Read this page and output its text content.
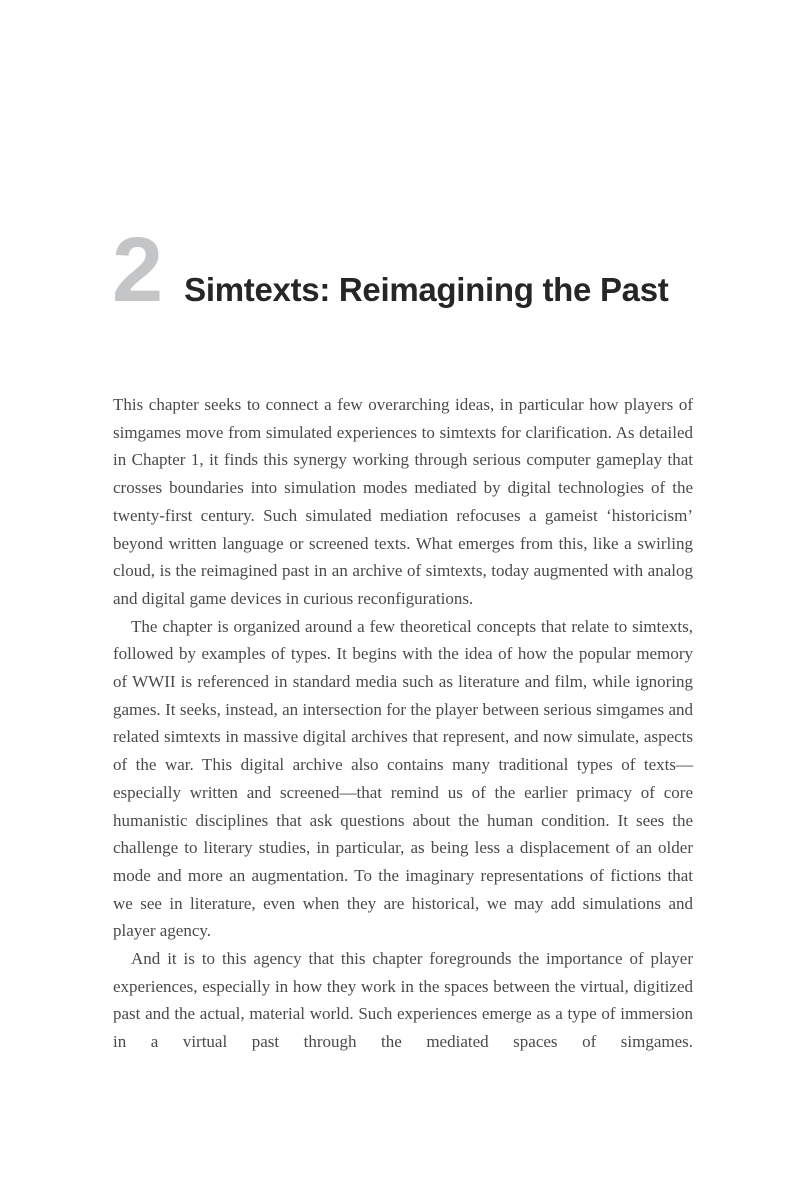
2 Simtexts: Reimagining the Past

This chapter seeks to connect a few overarching ideas, in particular how players of simgames move from simulated experiences to simtexts for clarification. As detailed in Chapter 1, it finds this synergy working through serious computer gameplay that crosses boundaries into simulation modes mediated by digital technologies of the twenty-first century. Such simulated mediation refocuses a gameist ‘historicism’ beyond written language or screened texts. What emerges from this, like a swirling cloud, is the reimagined past in an archive of simtexts, today augmented with analog and digital game devices in curious reconfigurations.

The chapter is organized around a few theoretical concepts that relate to simtexts, followed by examples of types. It begins with the idea of how the popular memory of WWII is referenced in standard media such as literature and film, while ignoring games. It seeks, instead, an intersection for the player between serious simgames and related simtexts in massive digital archives that represent, and now simulate, aspects of the war. This digital archive also contains many traditional types of texts—especially written and screened—that remind us of the earlier primacy of core humanistic disciplines that ask questions about the human condition. It sees the challenge to literary studies, in particular, as being less a displacement of an older mode and more an augmentation. To the imaginary representations of fictions that we see in literature, even when they are historical, we may add simulations and player agency.

And it is to this agency that this chapter foregrounds the importance of player experiences, especially in how they work in the spaces between the virtual, digitized past and the actual, material world. Such experiences emerge as a type of immersion in a virtual past through the mediated spaces of simgames.
